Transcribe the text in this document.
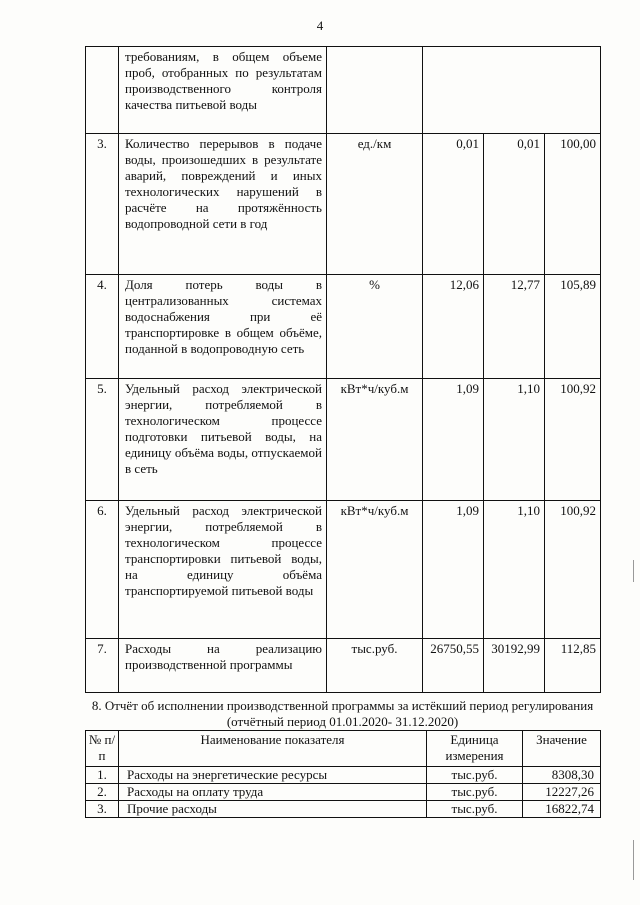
4
	требованиям, в общем объеме проб, отобранных по результатам производственного контроля качества питьевой воды				
3.	Количество перерывов в подаче воды, произошедших в результате аварий, повреждений и иных технологических нарушений в расчёте на протяжённость водопроводной сети в год	ед./км	0,01	0,01	100,00
4.	Доля потерь воды в централизованных системах водоснабжения при её транспортировке в общем объёме, поданной в водопроводную сеть	%	12,06	12,77	105,89
5.	Удельный расход электрической энергии, потребляемой в технологическом процессе подготовки питьевой воды, на единицу объёма воды, отпускаемой в сеть	кВт*ч/куб.м	1,09	1,10	100,92
6.	Удельный расход электрической энергии, потребляемой в технологическом процессе транспортировки питьевой воды, на единицу объёма транспортируемой питьевой воды	кВт*ч/куб.м	1,09	1,10	100,92
7.	Расходы на реализацию производственной программы	тыс.руб.	26750,55	30192,99	112,85
8. Отчёт об исполнении производственной программы за истёкший период регулирования (отчётный период 01.01.2020- 31.12.2020)
№ п/п	Наименование показателя	Единица измерения	Значение
1.	Расходы на энергетические ресурсы	тыс.руб.	8308,30
2.	Расходы на оплату труда	тыс.руб.	12227,26
3.	Прочие расходы	тыс.руб.	16822,74
